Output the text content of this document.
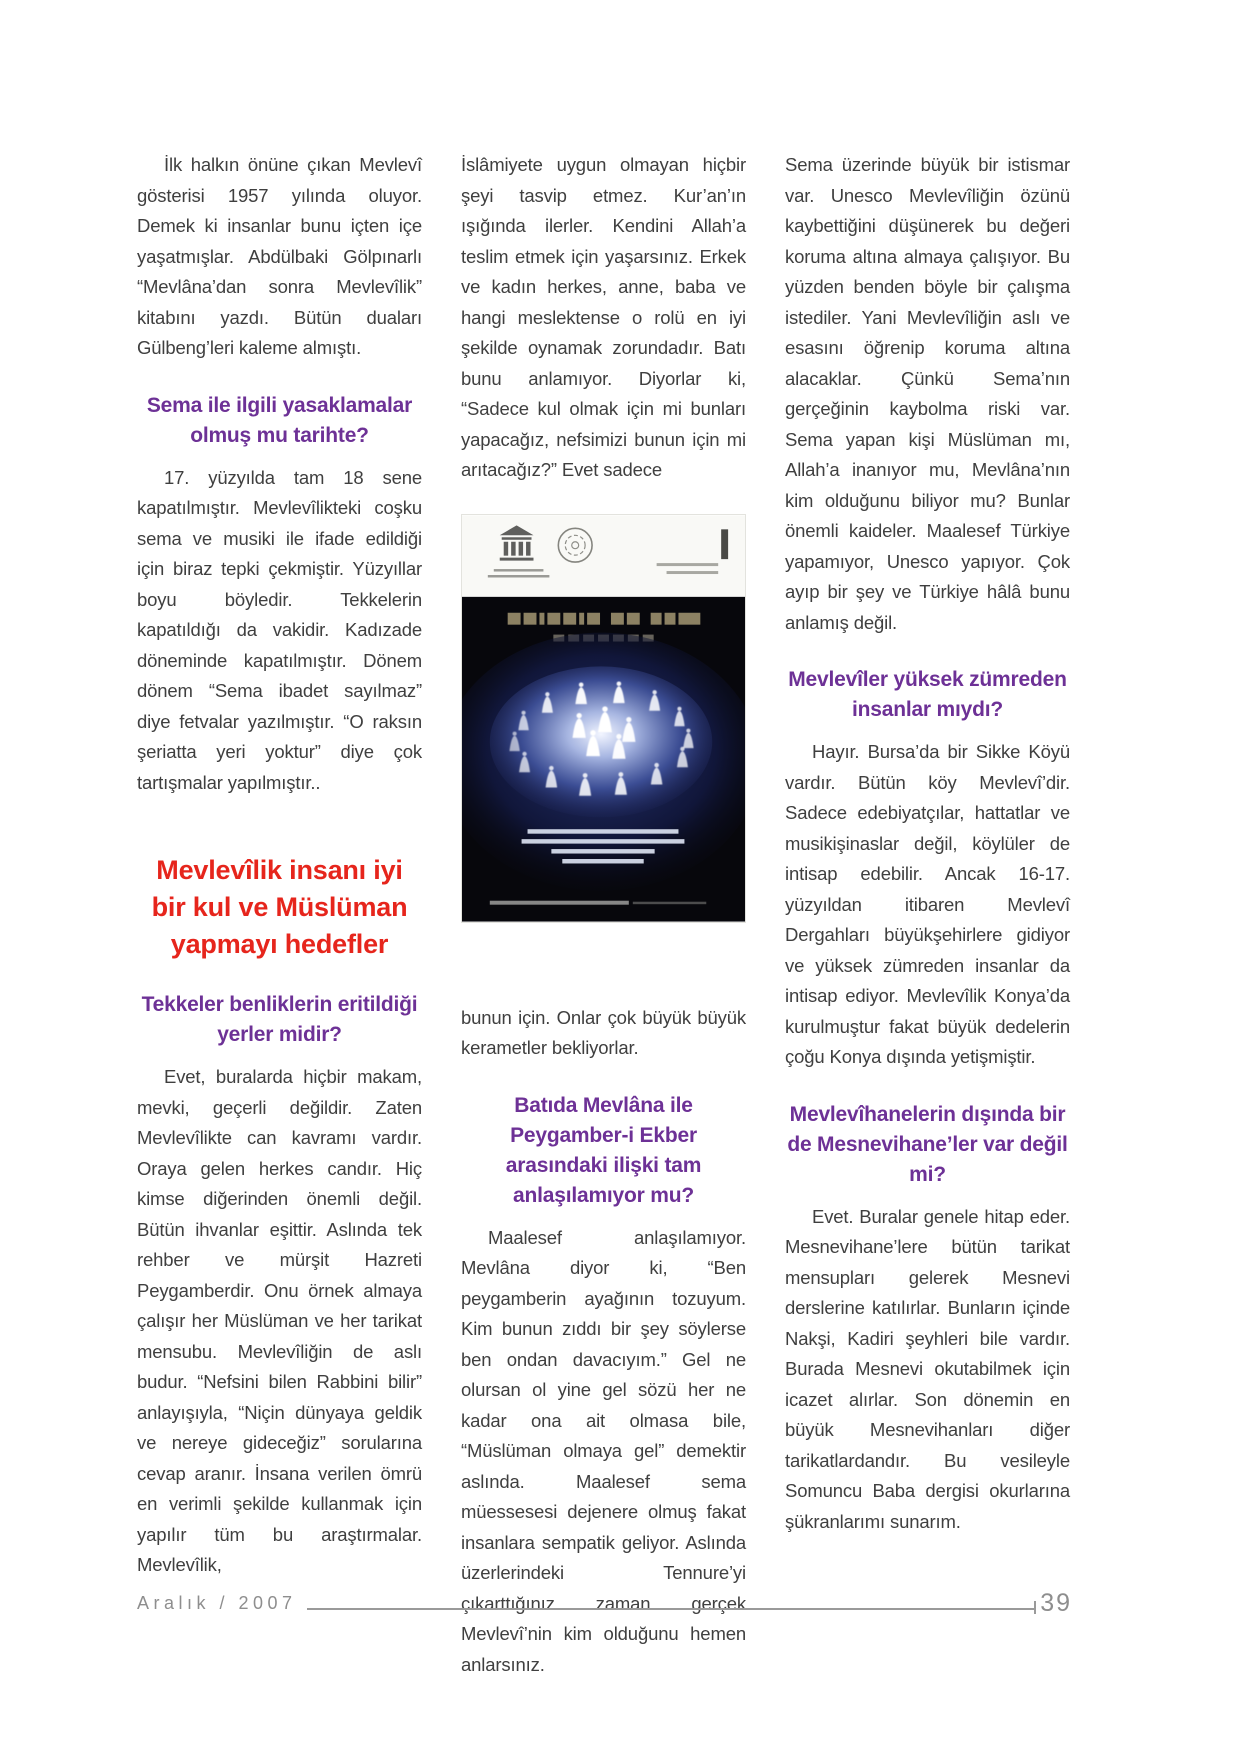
İlk halkın önüne çıkan Mevlevî gösterisi 1957 yılında oluyor. Demek ki insanlar bunu içten içe yaşatmışlar. Abdülbaki Gölpınarlı “Mevlâna’dan sonra Mevlevîlik” kitabını yazdı. Bütün duaları Gülbeng’leri kaleme almıştı.

Sema ile ilgili yasaklamalar olmuş mu tarihte?

17. yüzyılda tam 18 sene kapatılmıştır. Mevlevîlikteki coşku sema ve musiki ile ifade edildiği için biraz tepki çekmiştir. Yüzyıllar boyu böyledir. Tekkelerin kapatıldığı da vakidir. Kadızade döneminde kapatılmıştır. Dönem dönem “Sema ibadet sayılmaz” diye fetvalar yazılmıştır. “O raksın şeriatta yeri yoktur” diye çok tartışmalar yapılmıştır..

Mevlevîlik insanı iyi bir kul ve Müslüman yapmayı hedefler
Tekkeler benliklerin eritildiği yerler midir?

Evet, buralarda hiçbir makam, mevki, geçerli değildir. Zaten Mevlevîlikte can kavramı vardır. Oraya gelen herkes candır. Hiç kimse diğerinden önemli değil. Bütün ihvanlar eşittir. Aslında tek rehber ve mürşit Hazreti Peygamberdir. Onu örnek almaya çalışır her Müslüman ve her tarikat mensubu. Mevlevîliğin de aslı budur. “Nefsini bilen Rabbini bilir” anlayışıyla, “Niçin dünyaya geldik ve nereye gideceğiz” sorularına cevap aranır. İnsana verilen ömrü en verimli şekilde kullanmak için yapılır tüm bu araştırmalar. Mevlevîlik,

İslâmiyete uygun olmayan hiçbir şeyi tasvip etmez. Kur’an’ın ışığında ilerler. Kendini Allah’a teslim etmek için yaşarsınız. Erkek ve kadın herkes, anne, baba ve hangi meslektense o rolü en iyi şekilde oynamak zorundadır. Batı bunu anlamıyor. Diyorlar ki, “Sadece kul olmak için mi bunları yapacağız, nefsimizi bunun için mi arıtacağız?” Evet sadece

bunun için. Onlar çok büyük büyük kerametler bekliyorlar.

Batıda Mevlâna ile Peygamber-i Ekber arasındaki ilişki tam anlaşılamıyor mu?

Maalesef anlaşılamıyor. Mevlâna diyor ki, “Ben peygamberin ayağının tozuyum. Kim bunun zıddı bir şey söylerse ben ondan davacıyım.” Gel ne olursan ol yine gel sözü her ne kadar ona ait olmasa bile, “Müslüman olmaya gel” demektir aslında. Maalesef sema müessesesi dejenere olmuş fakat insanlara sempatik geliyor. Aslında üzerlerindeki Tennure’yi çıkarttığınız zaman gerçek Mevlevî’nin kim olduğunu hemen anlarsınız.

Sema üzerinde büyük bir istismar var. Unesco Mevlevîliğin özünü kaybettiğini düşünerek bu değeri koruma altına almaya çalışıyor. Bu yüzden benden böyle bir çalışma istediler. Yani Mevlevîliğin aslı ve esasını öğrenip koruma altına alacaklar. Çünkü Sema’nın gerçeğinin kaybolma riski var. Sema yapan kişi Müslüman mı, Allah’a inanıyor mu, Mevlâna’nın kim olduğunu biliyor mu? Bunlar önemli kaideler. Maalesef Türkiye yapamıyor, Unesco yapıyor. Çok ayıp bir şey ve Türkiye hâlâ bunu anlamış değil.

Mevlevîler yüksek zümreden insanlar mıydı?

Hayır. Bursa’da bir Sikke Köyü vardır. Bütün köy Mevlevî’dir. Sadece edebiyatçılar, hattatlar ve musikişinaslar değil, köylüler de intisap edebilir. Ancak 16-17. yüzyıldan itibaren Mevlevî Dergahları büyükşehirlere gidiyor ve yüksek zümreden insanlar da intisap ediyor. Mevlevîlik Konya’da kurulmuştur fakat büyük dedelerin çoğu Konya dışında yetişmiştir.

Mevlevîhanelerin dışında bir de Mesnevihane’ler var değil mi?

Evet. Buralar genele hitap eder. Mesnevihane’lere bütün tarikat mensupları gelerek Mesnevi derslerine katılırlar. Bunların içinde Nakşi, Kadiri şeyhleri bile vardır. Burada Mesnevi okutabilmek için icazet alırlar. Son dönemin en büyük Mesnevihanları diğer tarikatlardandır. Bu vesileyle Somuncu Baba dergisi okurlarına şükranlarımı sunarım.

Aralık / 2007	39
